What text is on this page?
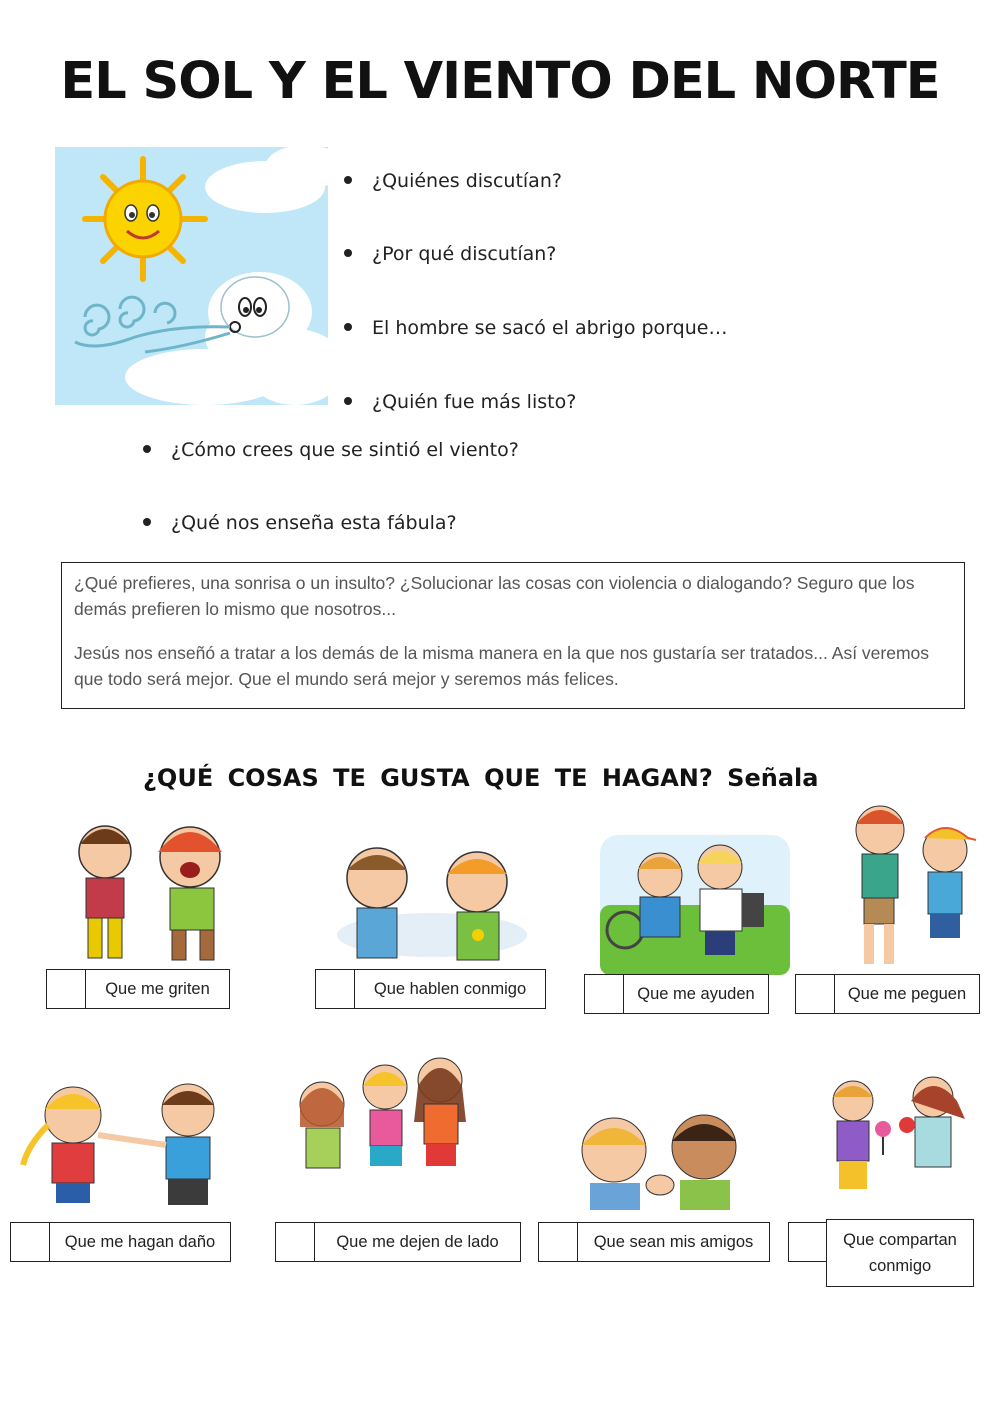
EL SOL Y EL VIENTO DEL NORTE
¿Quiénes discutían?
¿Por qué discutían?
El hombre se sacó el abrigo porque…
¿Quién fue más listo?
¿Cómo crees que se sintió el viento?
¿Qué nos enseña esta fábula?

¿Qué prefieres, una sonrisa o un insulto? ¿Solucionar las cosas con violencia o dialogando? Seguro que los demás prefieren lo mismo que nosotros...

Jesús nos enseñó a tratar a los demás de la misma manera en la que nos gustaría ser tratados... Así veremos que todo será mejor. Que el mundo será mejor y seremos más felices.

¿QUÉ COSAS TE GUSTA QUE TE HAGAN? Señala
Que me griten	Que hablen conmigo	Que me ayuden	Que me peguen
Que me hagan daño	Que me dejen de lado	Que sean mis amigos	Que compartan conmigo
